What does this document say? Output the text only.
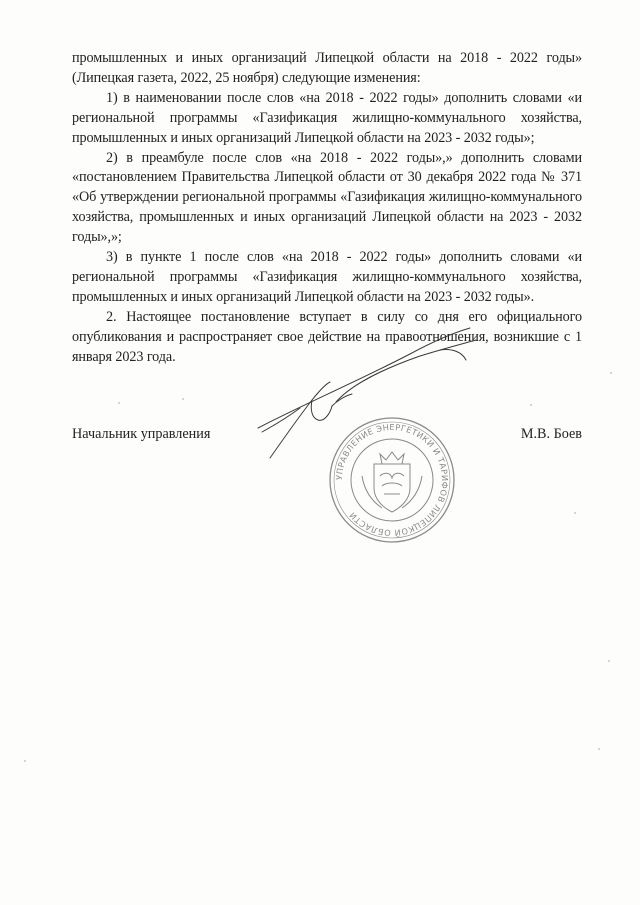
промышленных и иных организаций Липецкой области на 2018 - 2022 годы» (Липецкая газета, 2022, 25 ноября) следующие изменения:

1) в наименовании после слов «на 2018 - 2022 годы» дополнить словами «и региональной программы «Газификация жилищно-коммунального хозяйства, промышленных и иных организаций Липецкой области на 2023 - 2032 годы»;

2) в преамбуле после слов «на 2018 - 2022 годы»,» дополнить словами «постановлением Правительства Липецкой области от 30 декабря 2022 года № 371 «Об утверждении региональной программы «Газификация жилищно-коммунального хозяйства, промышленных и иных организаций Липецкой области на 2023 - 2032 годы»,»;

3) в пункте 1 после слов «на 2018 - 2022 годы» дополнить словами «и региональной программы «Газификация жилищно-коммунального хозяйства, промышленных и иных организаций Липецкой области на 2023 - 2032 годы».

2. Настоящее постановление вступает в силу со дня его официального опубликования и распространяет свое действие на правоотношения, возникшие с 1 января 2023 года.

Начальник управления	М.В. Боев
УПРАВЛЕНИЕ ЭНЕРГЕТИКИ И ТАРИФОВ ЛИПЕЦКОЙ ОБЛАСТИ
